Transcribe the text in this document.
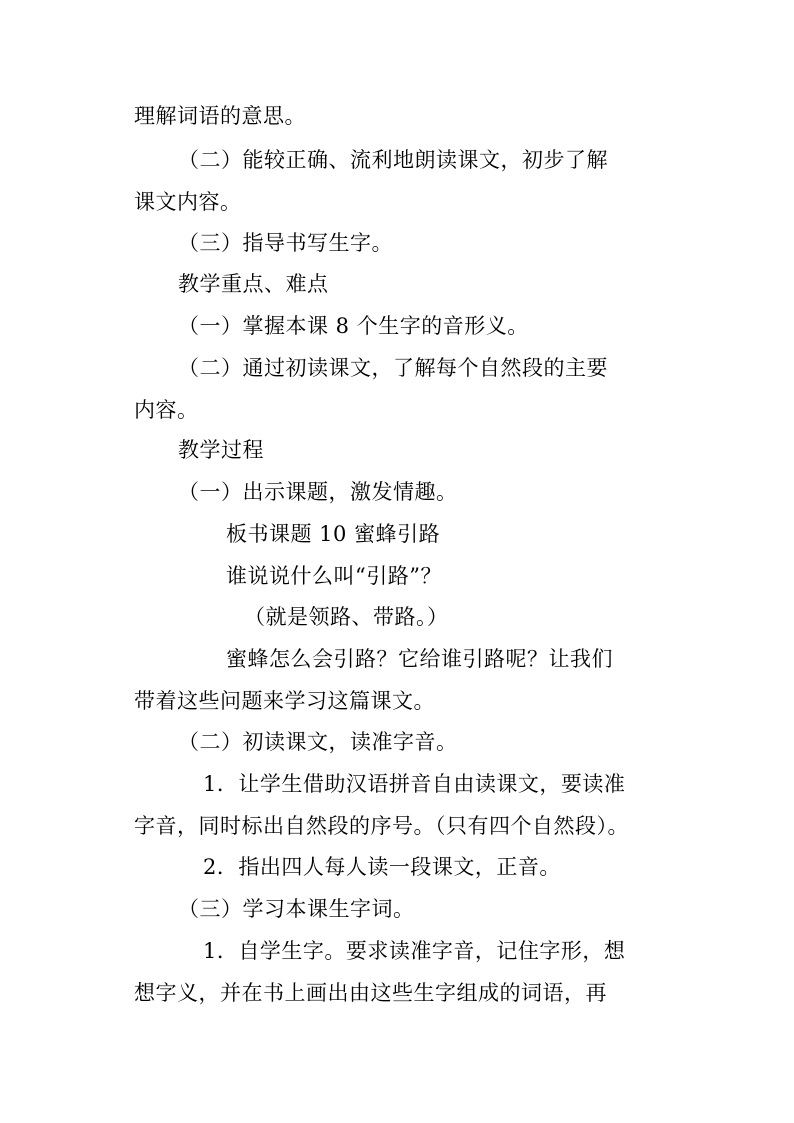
理解词语的意思。
（二）能较正确、流利地朗读课文，初步了解
课文内容。
（三）指导书写生字。
教学重点、难点
（一）掌握本课 8 个生字的音形义。
（二）通过初读课文，了解每个自然段的主要
内容。
教学过程
（一）出示课题，激发情趣。
板书课题 10 蜜蜂引路
谁说说什么叫“引路”？
（就是领路、带路。）
蜜蜂怎么会引路？它给谁引路呢？让我们
带着这些问题来学习这篇课文。
（二）初读课文，读准字音。
1．让学生借助汉语拼音自由读课文，要读准
字音，同时标出自然段的序号。（只有四个自然段）。
2．指出四人每人读一段课文，正音。
（三）学习本课生字词。
1．自学生字。要求读准字音，记住字形，想
想字义，并在书上画出由这些生字组成的词语，再
